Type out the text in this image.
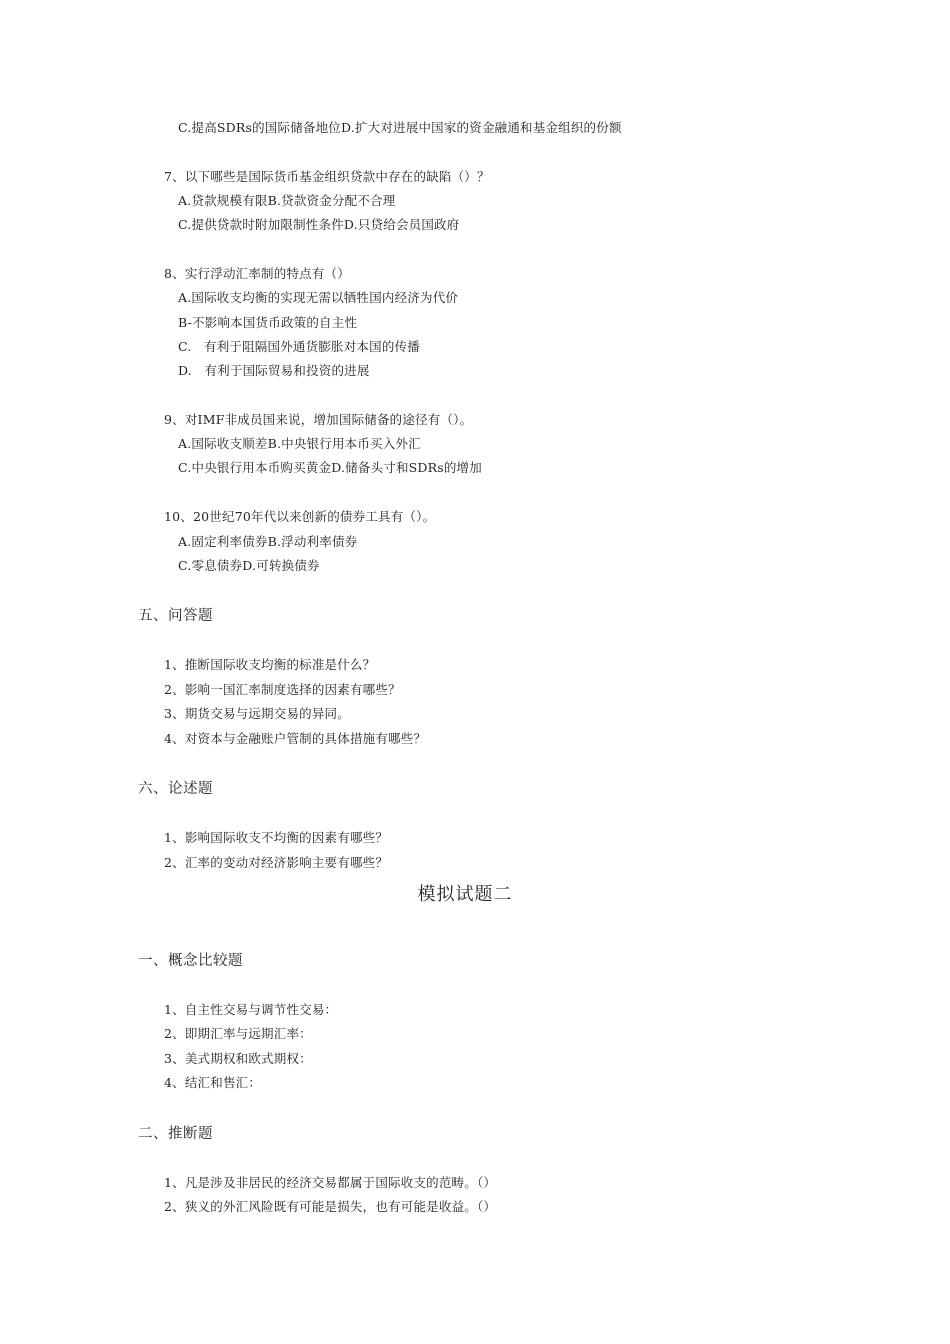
C.提高SDRs的国际储备地位D.扩大对进展中国家的资金融通和基金组织的份额
7、以下哪些是国际货币基金组织贷款中存在的缺陷（）？
A.贷款规模有限B.贷款资金分配不合理
C.提供贷款时附加限制性条件D.只贷给会员国政府
8、实行浮动汇率制的特点有（）
A.国际收支均衡的实现无需以牺牲国内经济为代价
B-不影响本国货币政策的自主性
C.   有利于阻隔国外通货膨胀对本国的传播
D.   有利于国际贸易和投资的进展
9、对IMF非成员国来说，增加国际储备的途径有（）。
A.国际收支顺差B.中央银行用本币买入外汇
C.中央银行用本币购买黄金D.储备头寸和SDRs的增加
10、20世纪70年代以来创新的债券工具有（）。
A.固定利率债券B.浮动利率债券
C.零息债券D.可转换债券
五、问答题
1、推断国际收支均衡的标准是什么？
2、影响一国汇率制度选择的因素有哪些？
3、期货交易与远期交易的异同。
4、对资本与金融账户管制的具体措施有哪些？
六、论述题
1、影响国际收支不均衡的因素有哪些？
2、汇率的变动对经济影响主要有哪些？
模拟试题二
一、概念比较题
1、自主性交易与调节性交易：
2、即期汇率与远期汇率：
3、美式期权和欧式期权：
4、结汇和售汇：
二、推断题
1、凡是涉及非居民的经济交易都属于国际收支的范畴。（）
2、狭义的外汇风险既有可能是损失，也有可能是收益。（）
